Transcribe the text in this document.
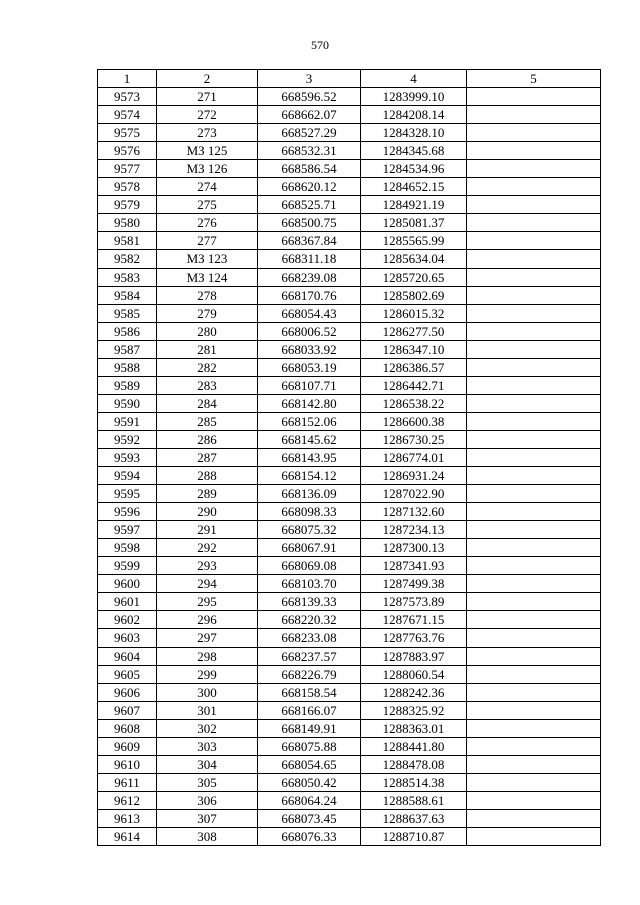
570
1	2	3	4	5
9573	271	668596.52	1283999.10	
9574	272	668662.07	1284208.14	
9575	273	668527.29	1284328.10	
9576	МЗ 125	668532.31	1284345.68	
9577	МЗ 126	668586.54	1284534.96	
9578	274	668620.12	1284652.15	
9579	275	668525.71	1284921.19	
9580	276	668500.75	1285081.37	
9581	277	668367.84	1285565.99	
9582	МЗ 123	668311.18	1285634.04	
9583	МЗ 124	668239.08	1285720.65	
9584	278	668170.76	1285802.69	
9585	279	668054.43	1286015.32	
9586	280	668006.52	1286277.50	
9587	281	668033.92	1286347.10	
9588	282	668053.19	1286386.57	
9589	283	668107.71	1286442.71	
9590	284	668142.80	1286538.22	
9591	285	668152.06	1286600.38	
9592	286	668145.62	1286730.25	
9593	287	668143.95	1286774.01	
9594	288	668154.12	1286931.24	
9595	289	668136.09	1287022.90	
9596	290	668098.33	1287132.60	
9597	291	668075.32	1287234.13	
9598	292	668067.91	1287300.13	
9599	293	668069.08	1287341.93	
9600	294	668103.70	1287499.38	
9601	295	668139.33	1287573.89	
9602	296	668220.32	1287671.15	
9603	297	668233.08	1287763.76	
9604	298	668237.57	1287883.97	
9605	299	668226.79	1288060.54	
9606	300	668158.54	1288242.36	
9607	301	668166.07	1288325.92	
9608	302	668149.91	1288363.01	
9609	303	668075.88	1288441.80	
9610	304	668054.65	1288478.08	
9611	305	668050.42	1288514.38	
9612	306	668064.24	1288588.61	
9613	307	668073.45	1288637.63	
9614	308	668076.33	1288710.87	
